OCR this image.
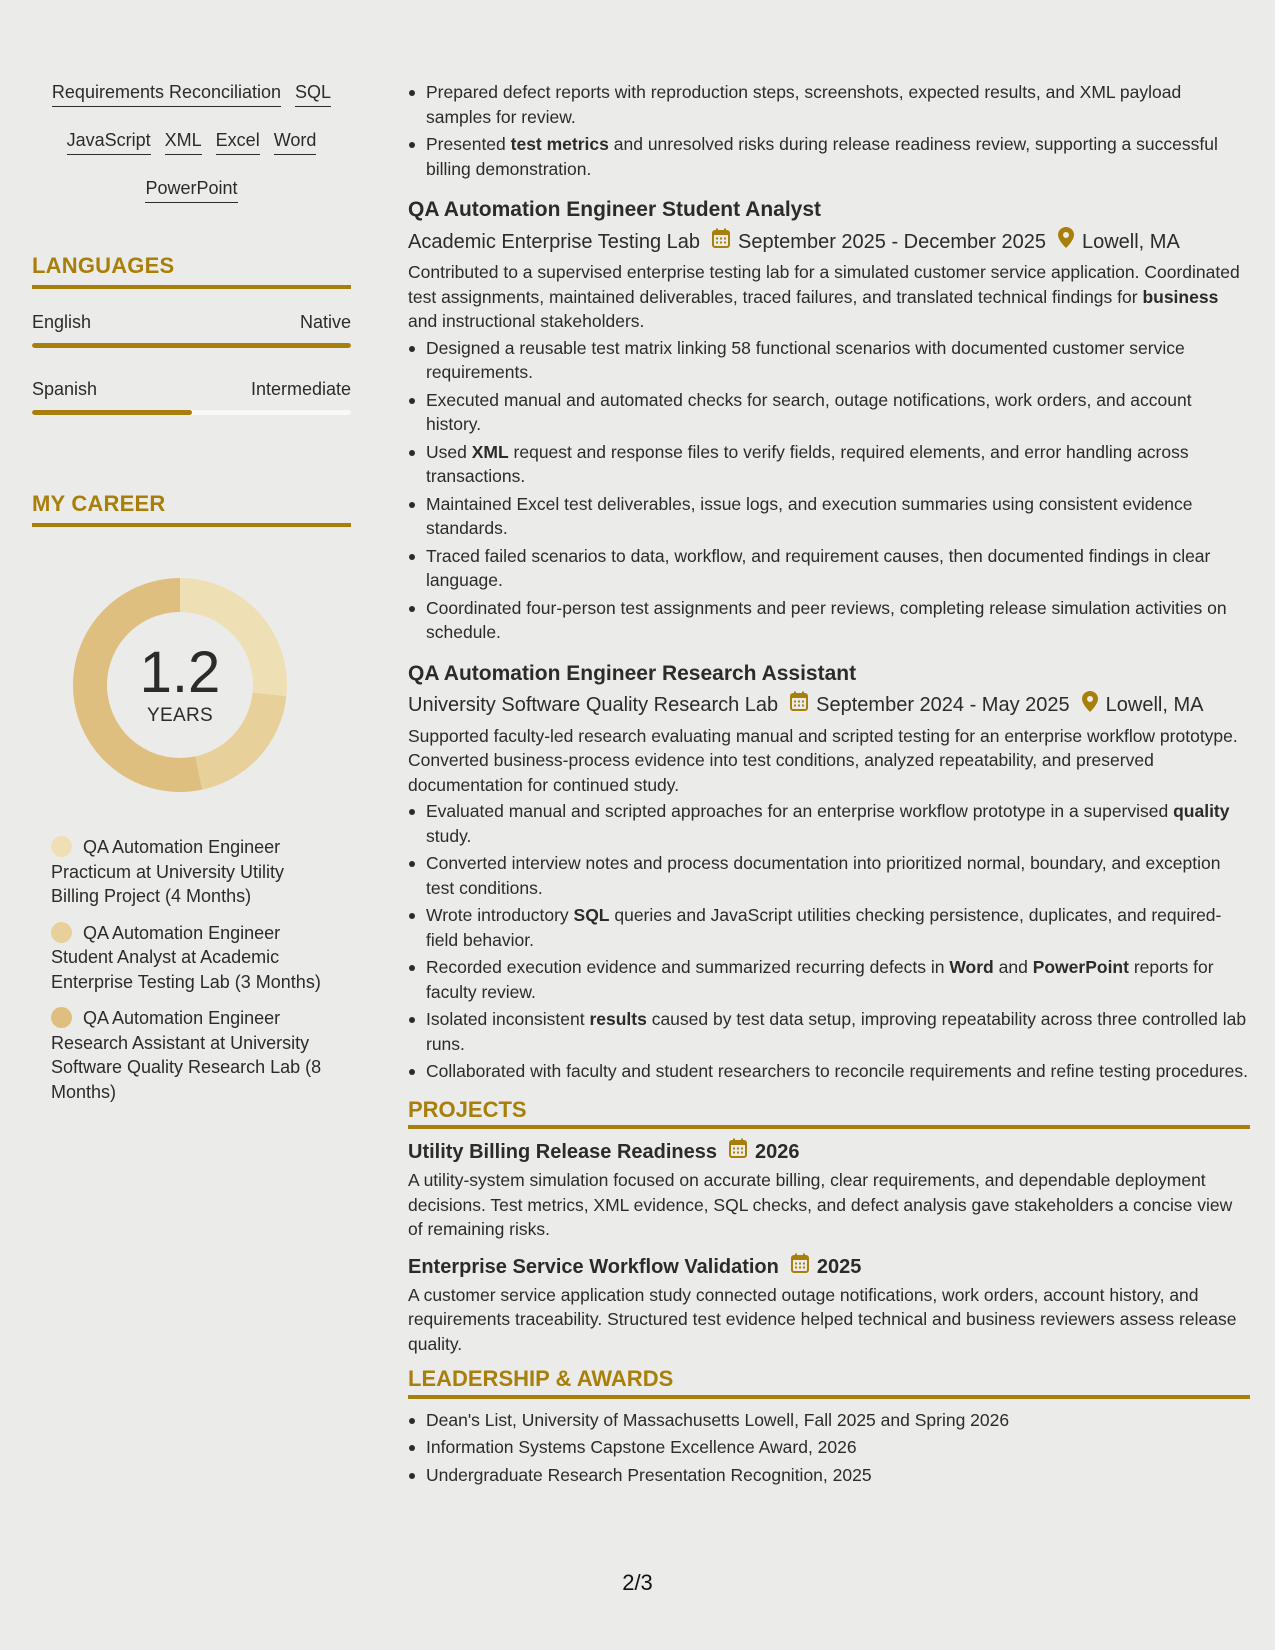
Requirements Reconciliation SQL
JavaScript XML Excel Word
PowerPoint
LANGUAGES
English	Native
Spanish	Intermediate
MY CAREER
1.2
YEARS
QA Automation Engineer Practicum at University Utility Billing Project (4 Months)
QA Automation Engineer Student Analyst at Academic Enterprise Testing Lab (3 Months)
QA Automation Engineer Research Assistant at University Software Quality Research Lab (8 Months)
Prepared defect reports with reproduction steps, screenshots, expected results, and XML payload samples for review.
Presented test metrics and unresolved risks during release readiness review, supporting a successful billing demonstration.
QA Automation Engineer Student Analyst
Academic Enterprise Testing Lab September 2025 - December 2025 Lowell, MA
Contributed to a supervised enterprise testing lab for a simulated customer service application. Coordinated test assignments, maintained deliverables, traced failures, and translated technical findings for business and instructional stakeholders.
Designed a reusable test matrix linking 58 functional scenarios with documented customer service requirements.
Executed manual and automated checks for search, outage notifications, work orders, and account history.
Used XML request and response files to verify fields, required elements, and error handling across transactions.
Maintained Excel test deliverables, issue logs, and execution summaries using consistent evidence standards.
Traced failed scenarios to data, workflow, and requirement causes, then documented findings in clear language.
Coordinated four-person test assignments and peer reviews, completing release simulation activities on schedule.
QA Automation Engineer Research Assistant
University Software Quality Research Lab September 2024 - May 2025 Lowell, MA
Supported faculty-led research evaluating manual and scripted testing for an enterprise workflow prototype. Converted business-process evidence into test conditions, analyzed repeatability, and preserved documentation for continued study.
Evaluated manual and scripted approaches for an enterprise workflow prototype in a supervised quality study.
Converted interview notes and process documentation into prioritized normal, boundary, and exception test conditions.
Wrote introductory SQL queries and JavaScript utilities checking persistence, duplicates, and required-field behavior.
Recorded execution evidence and summarized recurring defects in Word and PowerPoint reports for faculty review.
Isolated inconsistent results caused by test data setup, improving repeatability across three controlled lab runs.
Collaborated with faculty and student researchers to reconcile requirements and refine testing procedures.
PROJECTS
Utility Billing Release Readiness 2026
A utility-system simulation focused on accurate billing, clear requirements, and dependable deployment decisions. Test metrics, XML evidence, SQL checks, and defect analysis gave stakeholders a concise view of remaining risks.
Enterprise Service Workflow Validation 2025
A customer service application study connected outage notifications, work orders, account history, and requirements traceability. Structured test evidence helped technical and business reviewers assess release quality.
LEADERSHIP & AWARDS
Dean's List, University of Massachusetts Lowell, Fall 2025 and Spring 2026
Information Systems Capstone Excellence Award, 2026
Undergraduate Research Presentation Recognition, 2025
2/3
